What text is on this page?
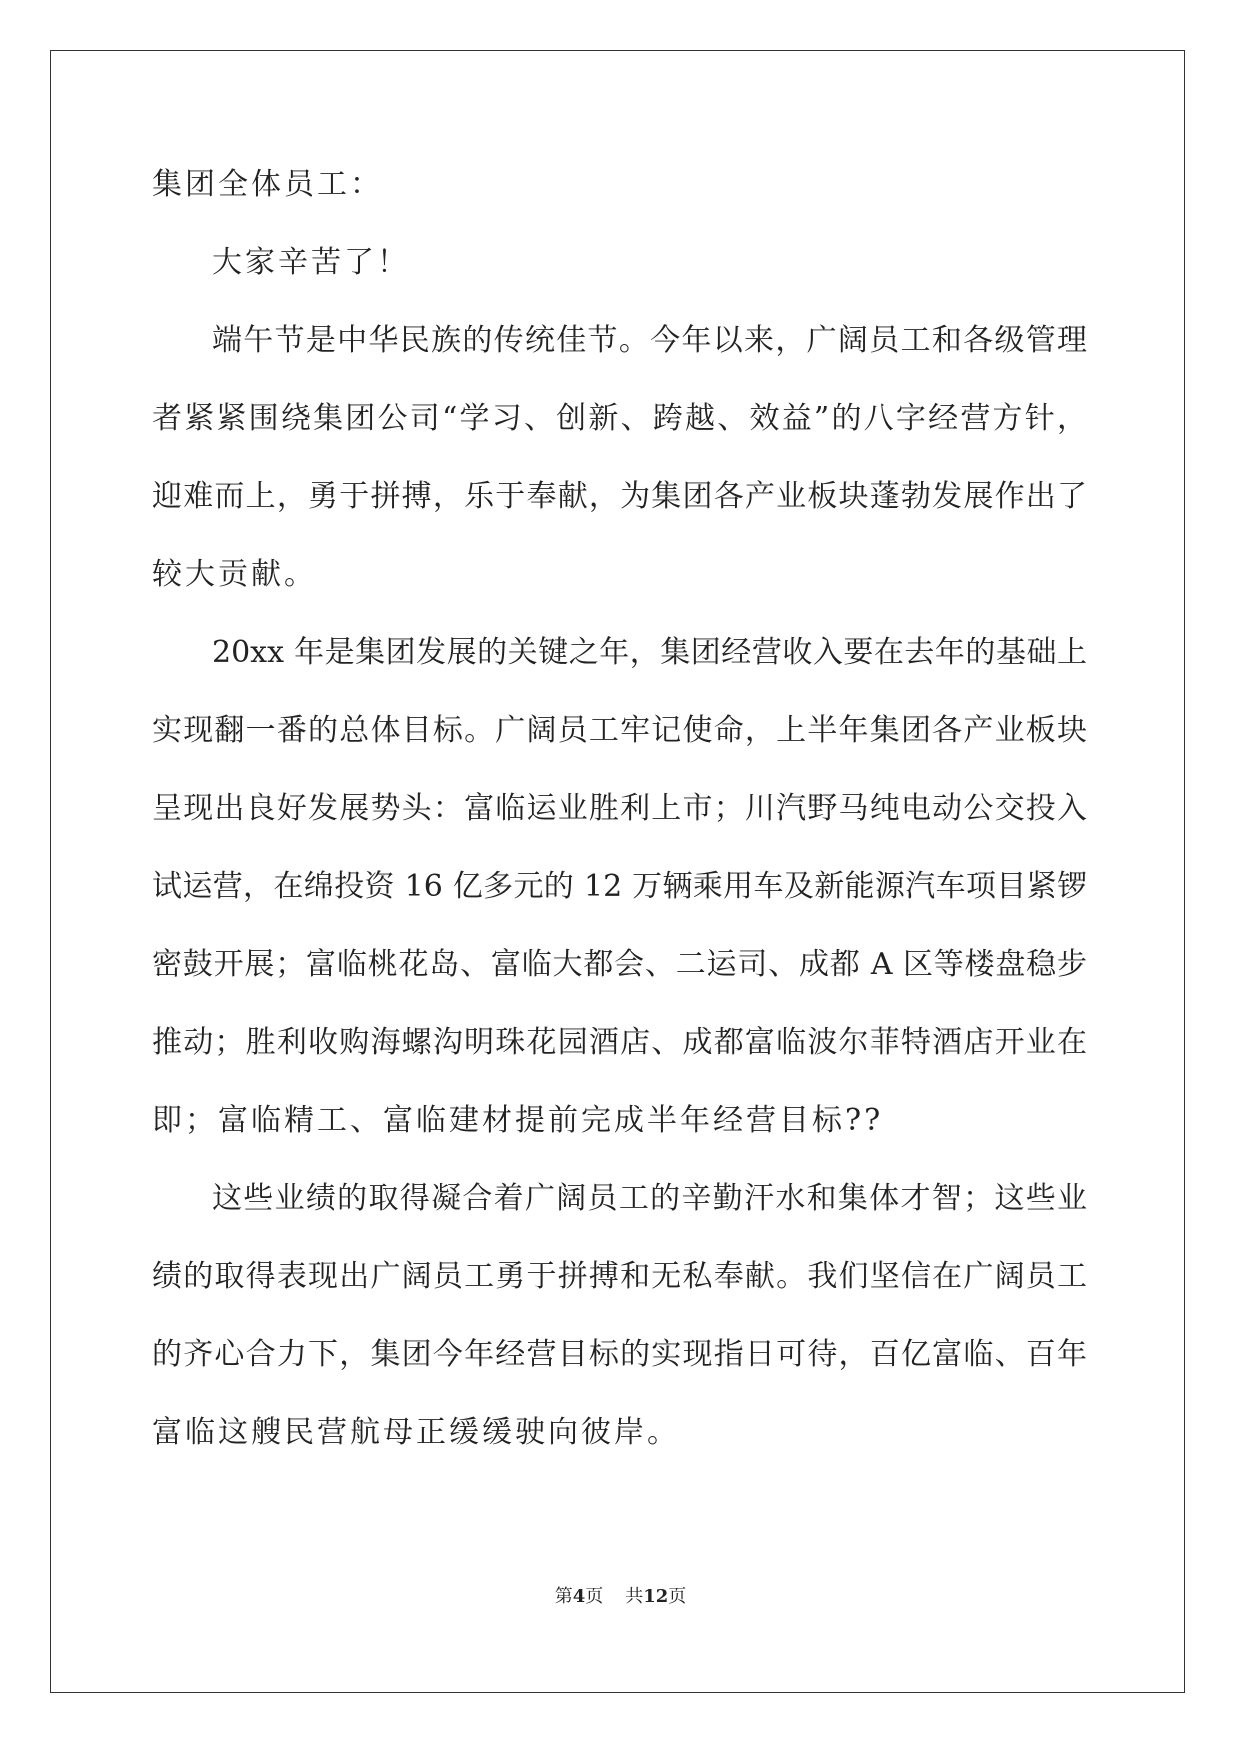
集团全体员工：
大家辛苦了！
端午节是中华民族的传统佳节。今年以来，广阔员工和各级管理
者紧紧围绕集团公司“学习、创新、跨越、效益”的八字经营方针，
迎难而上，勇于拼搏，乐于奉献，为集团各产业板块蓬勃发展作出了
较大贡献。
20xx 年是集团发展的关键之年，集团经营收入要在去年的基础上
实现翻一番的总体目标。广阔员工牢记使命，上半年集团各产业板块
呈现出良好发展势头：富临运业胜利上市；川汽野马纯电动公交投入
试运营，在绵投资 16 亿多元的 12 万辆乘用车及新能源汽车项目紧锣
密鼓开展；富临桃花岛、富临大都会、二运司、成都 A 区等楼盘稳步
推动；胜利收购海螺沟明珠花园酒店、成都富临波尔菲特酒店开业在
即；富临精工、富临建材提前完成半年经营目标??
这些业绩的取得凝合着广阔员工的辛勤汗水和集体才智；这些业
绩的取得表现出广阔员工勇于拼搏和无私奉献。我们坚信在广阔员工
的齐心合力下，集团今年经营目标的实现指日可待，百亿富临、百年
富临这艘民营航母正缓缓驶向彼岸。
第4页 共12页
